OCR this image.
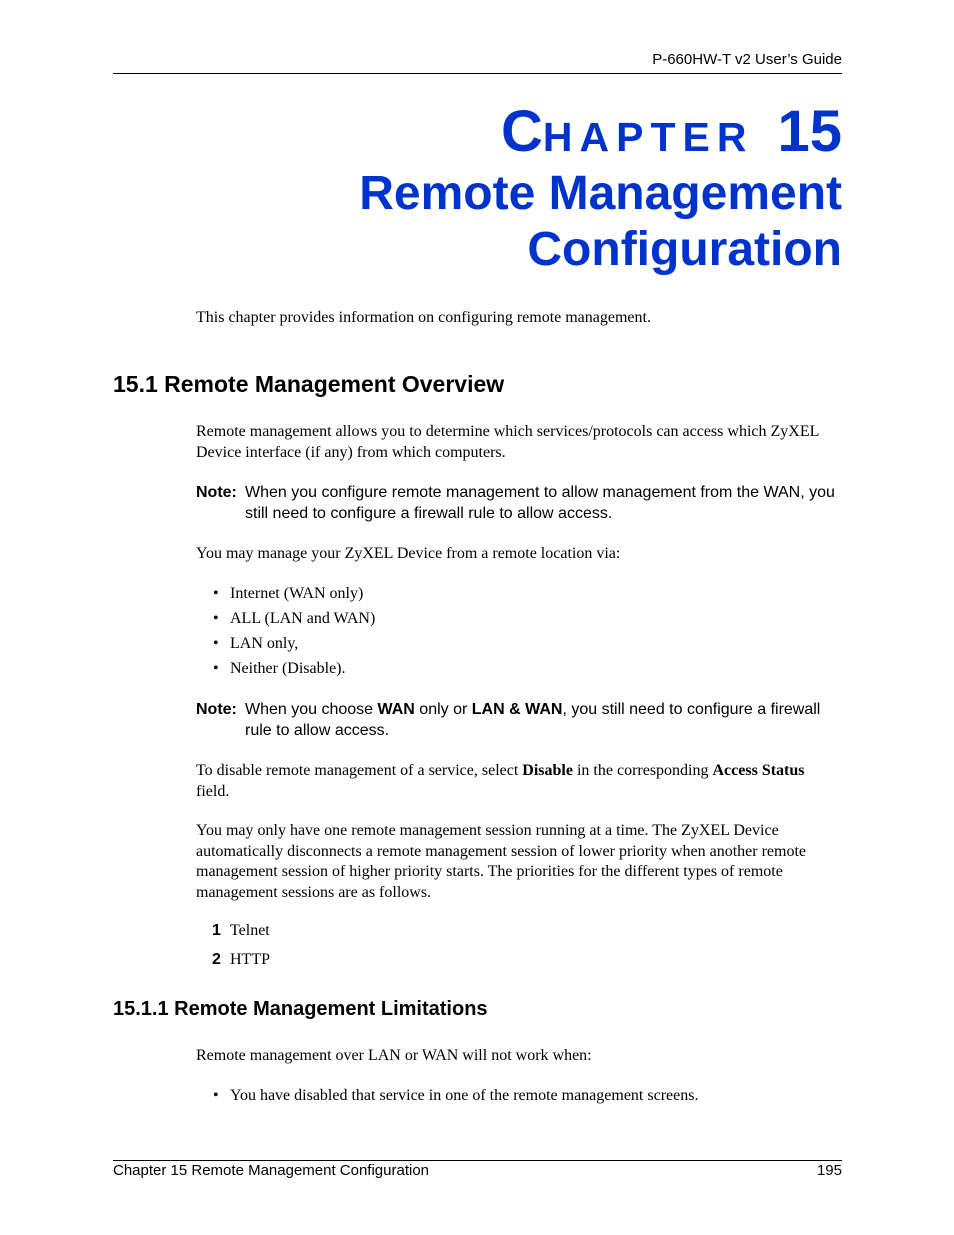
P-660HW-T v2 User’s Guide
CHAPTER 15
Remote Management
Configuration
This chapter provides information on configuring remote management.
15.1 Remote Management Overview
Remote management allows you to determine which services/protocols can access which ZyXEL Device interface (if any) from which computers.
Note: When you configure remote management to allow management from the WAN, you still need to configure a firewall rule to allow access.
You may manage your ZyXEL Device from a remote location via:
• Internet (WAN only)
• ALL (LAN and WAN)
• LAN only,
• Neither (Disable).
Note: When you choose WAN only or LAN & WAN, you still need to configure a firewall rule to allow access.
To disable remote management of a service, select Disable in the corresponding Access Status field.
You may only have one remote management session running at a time. The ZyXEL Device automatically disconnects a remote management session of lower priority when another remote management session of higher priority starts. The priorities for the different types of remote management sessions are as follows.
1 Telnet
2 HTTP
15.1.1 Remote Management Limitations
Remote management over LAN or WAN will not work when:
• You have disabled that service in one of the remote management screens.
Chapter 15 Remote Management Configuration	195
